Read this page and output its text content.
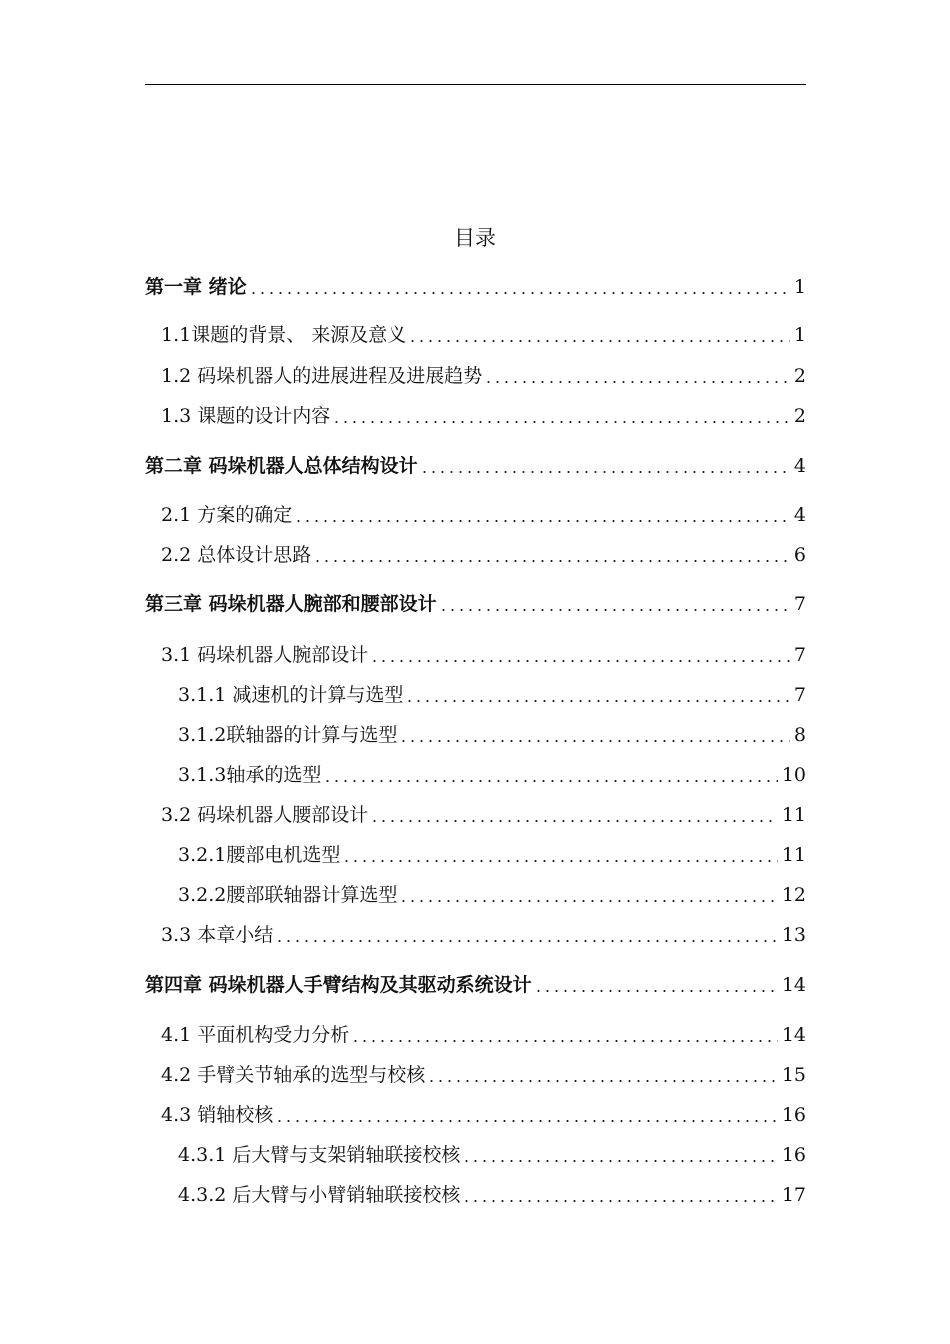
目录
第一章 绪论	1
1.1课题的背景、 来源及意义	1
1.2 码垛机器人的进展进程及进展趋势	2
1.3 课题的设计内容	2
第二章 码垛机器人总体结构设计	4
2.1 方案的确定	4
2.2 总体设计思路	6
第三章 码垛机器人腕部和腰部设计	7
3.1 码垛机器人腕部设计	7
3.1.1 减速机的计算与选型	7
3.1.2联轴器的计算与选型	8
3.1.3轴承的选型	10
3.2 码垛机器人腰部设计	11
3.2.1腰部电机选型	11
3.2.2腰部联轴器计算选型	12
3.3 本章小结	13
第四章 码垛机器人手臂结构及其驱动系统设计	14
4.1 平面机构受力分析	14
4.2 手臂关节轴承的选型与校核	15
4.3 销轴校核	16
4.3.1 后大臂与支架销轴联接校核	16
4.3.2 后大臂与小臂销轴联接校核	17
